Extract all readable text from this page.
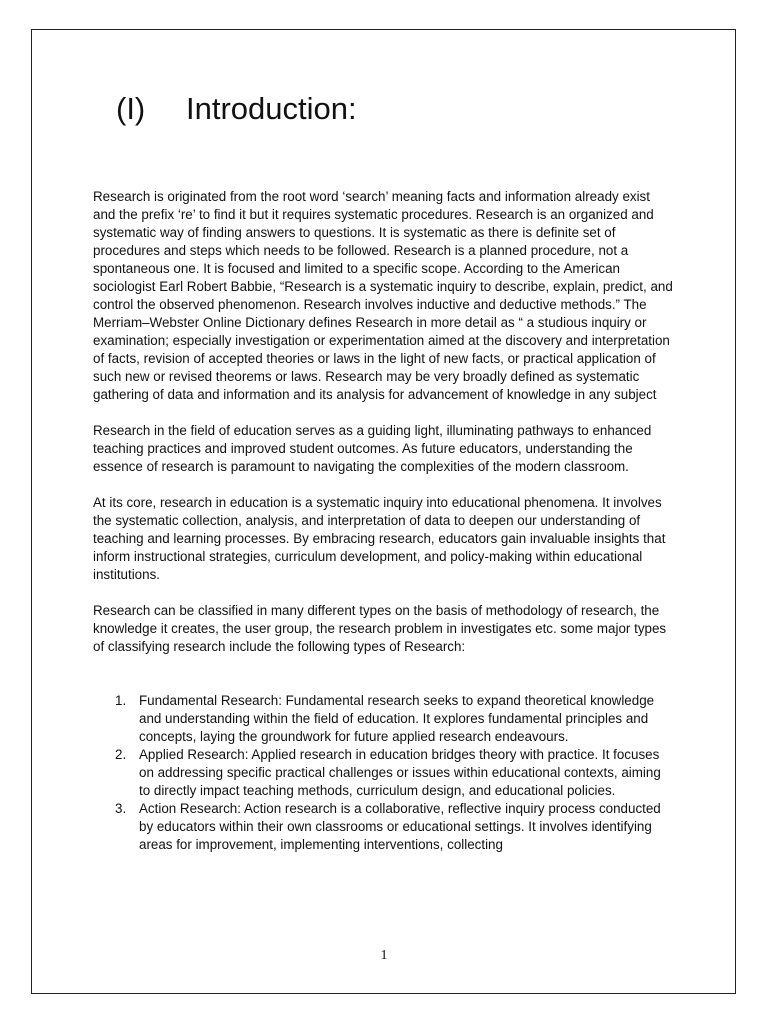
(I) Introduction:

Research is originated from the root word ‘search’ meaning facts and information already exist and the prefix ‘re’ to find it but it requires systematic procedures. Research is an organized and systematic way of finding answers to questions. It is systematic as there is definite set of procedures and steps which needs to be followed. Research is a planned procedure, not a spontaneous one. It is focused and limited to a specific scope. According to the American sociologist Earl Robert Babbie, “Research is a systematic inquiry to describe, explain, predict, and control the observed phenomenon. Research involves inductive and deductive methods.” The Merriam–Webster Online Dictionary defines Research in more detail as “ a studious inquiry or examination; especially investigation or experimentation aimed at the discovery and interpretation of facts, revision of accepted theories or laws in the light of new facts, or practical application of such new or revised theorems or laws. Research may be very broadly defined as systematic gathering of data and information and its analysis for advancement of knowledge in any subject

Research in the field of education serves as a guiding light, illuminating pathways to enhanced teaching practices and improved student outcomes. As future educators, understanding the essence of research is paramount to navigating the complexities of the modern classroom.

At its core, research in education is a systematic inquiry into educational phenomena. It involves the systematic collection, analysis, and interpretation of data to deepen our understanding of teaching and learning processes. By embracing research, educators gain invaluable insights that inform instructional strategies, curriculum development, and policy-making within educational institutions.

Research can be classified in many different types on the basis of methodology of research, the knowledge it creates, the user group, the research problem in investigates etc. some major types of classifying research include the following types of Research:

1. Fundamental Research: Fundamental research seeks to expand theoretical knowledge and understanding within the field of education. It explores fundamental principles and concepts, laying the groundwork for future applied research endeavours.
2. Applied Research: Applied research in education bridges theory with practice. It focuses on addressing specific practical challenges or issues within educational contexts, aiming to directly impact teaching methods, curriculum design, and educational policies.
3. Action Research: Action research is a collaborative, reflective inquiry process conducted by educators within their own classrooms or educational settings. It involves identifying areas for improvement, implementing interventions, collecting
1
